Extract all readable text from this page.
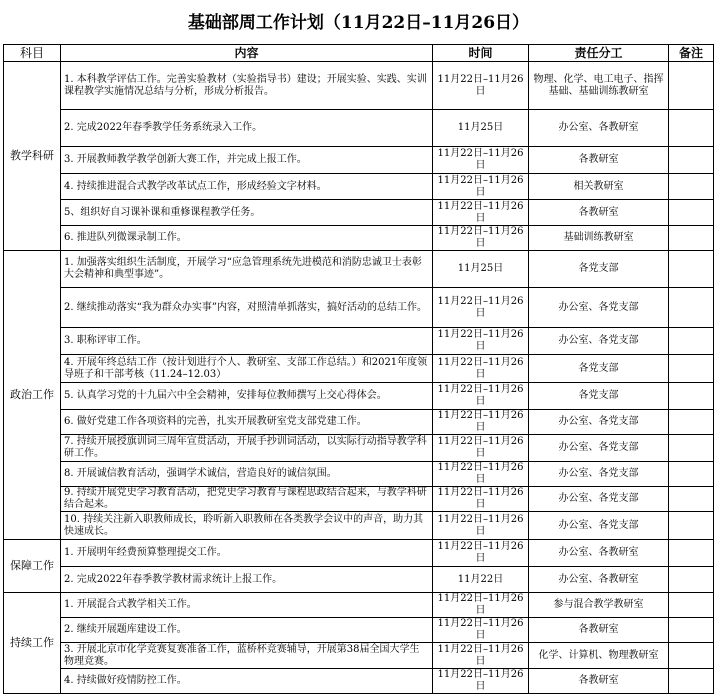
基础部周工作计划（11月22日–11月26日）
科目	内容	时间	责任分工	备注
教学科研	1. 本科教学评估工作。完善实验教材（实验指导书）建设；开展实验、实践、实训课程教学实施情况总结与分析，形成分析报告。	11月22日–11月26日	物理、化学、电工电子、指挥基础、基础训练教研室	
	2. 完成2022年春季教学任务系统录入工作。	11月25日	办公室、各教研室	
	3. 开展教师教学教学创新大赛工作，并完成上报工作。	11月22日–11月26日	各教研室	
	4. 持续推进混合式教学改革试点工作，形成经验文字材料。	11月22日–11月26日	相关教研室	
	5、组织好自习课补课和重修课程教学任务。	11月22日–11月26日	各教研室	
	6. 推进队列微课录制工作。	11月22日–11月26日	基础训练教研室	
政治工作	1. 加强落实组织生活制度，开展学习“应急管理系统先进模范和消防忠诚卫士表彰大会精神和典型事迹”。	11月25日	各党支部	
	2. 继续推动落实“我为群众办实事”内容，对照清单抓落实，搞好活动的总结工作。	11月22日–11月26日	办公室、各党支部	
	3. 职称评审工作。	11月22日–11月26日	办公室、各党支部	
	4. 开展年终总结工作（按计划进行个人、教研室、支部工作总结。）和2021年度领导班子和干部考核（11.24–12.03）	11月22日–11月26日	各党支部	
	5. 认真学习党的十九届六中全会精神，安排每位教师撰写上交心得体会。	11月22日–11月26日	各党支部	
	6. 做好党建工作各项资料的完善，扎实开展教研室党支部党建工作。	11月22日–11月26日	办公室、各党支部	
	7. 持续开展授旗训词三周年宣贯活动，开展手抄训词活动，以实际行动指导教学科研工作。	11月22日–11月26日	办公室、各党支部	
	8. 开展诚信教育活动，强调学术诚信，营造良好的诚信氛围。	11月22日–11月26日	办公室、各党支部	
	9. 持续开展党史学习教育活动，把党史学习教育与课程思政结合起来，与教学科研结合起来。	11月22日–11月26日	办公室、各党支部	
	10. 持续关注新入职教师成长，聆听新入职教师在各类教学会议中的声音，助力其快速成长。	11月22日–11月26日	办公室、各党支部	
保障工作	1. 开展明年经费预算整理提交工作。	11月22日–11月26日	办公室、各教研室	
	2. 完成2022年春季教学教材需求统计上报工作。	11月22日	办公室、各教研室	
持续工作	1. 开展混合式教学相关工作。	11月22日–11月26日	参与混合教学教研室	
	2. 继续开展题库建设工作。	11月22日–11月26日	各教研室	
	3. 开展北京市化学竞赛复赛准备工作，蓝桥杯竞赛辅导，开展第38届全国大学生物理竞赛。	11月22日–11月26日	化学、计算机、物理教研室	
	4. 持续做好疫情防控工作。	11月22日–11月26日	各教研室	
